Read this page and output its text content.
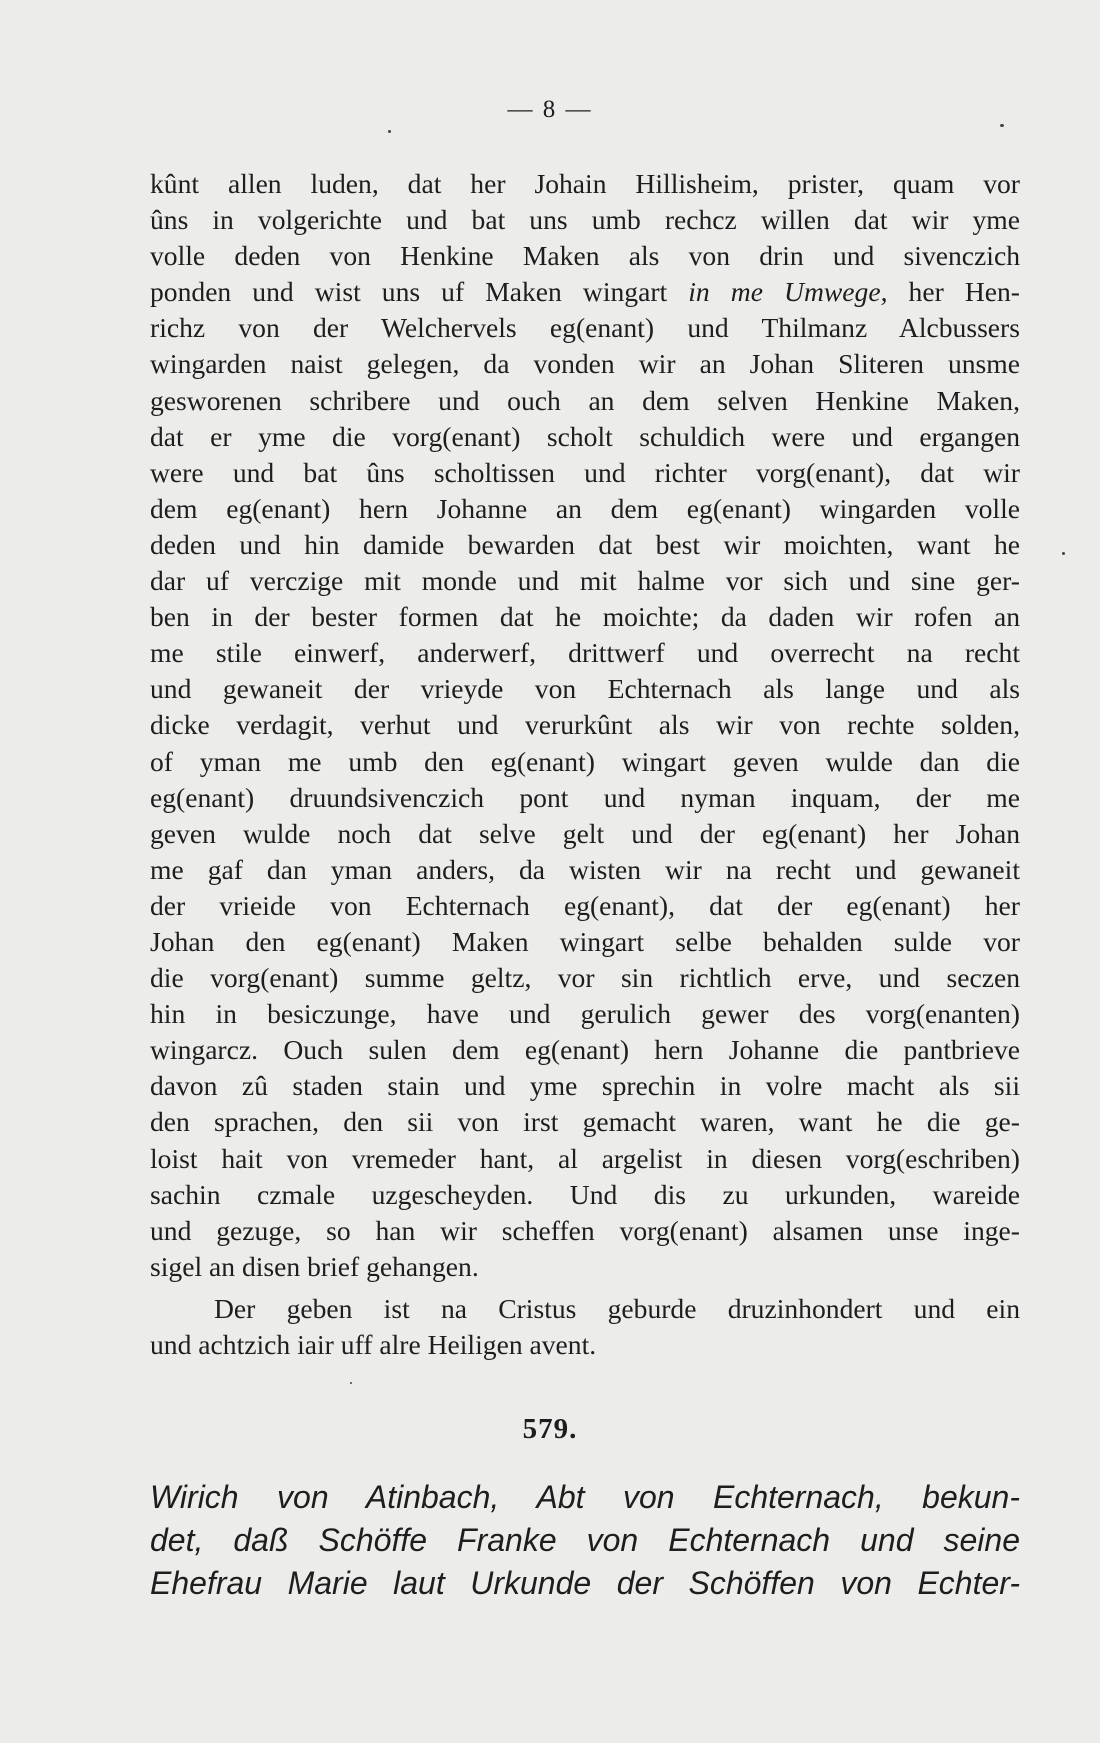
— 8 —
kûnt allen luden, dat her Johain Hillisheim, prister, quam vor
ûns in volgerichte und bat uns umb rechcz willen dat wir yme
volle deden von Henkine Maken als von drin und sivenczich
ponden und wist uns uf Maken wingart in me Umwege, her Hen-
richz von der Welchervels eg(enant) und Thilmanz Alcbussers
wingarden naist gelegen, da vonden wir an Johan Sliteren unsme
gesworenen schribere und ouch an dem selven Henkine Maken,
dat er yme die vorg(enant) scholt schuldich were und ergangen
were und bat ûns scholtissen und richter vorg(enant), dat wir
dem eg(enant) hern Johanne an dem eg(enant) wingarden volle
deden und hin damide bewarden dat best wir moichten, want he
dar uf verczige mit monde und mit halme vor sich und sine ger-
ben in der bester formen dat he moichte; da daden wir rofen an
me stile einwerf, anderwerf, drittwerf und overrecht na recht
und gewaneit der vrieyde von Echternach als lange und als
dicke verdagit, verhut und verurkûnt als wir von rechte solden,
of yman me umb den eg(enant) wingart geven wulde dan die
eg(enant) druundsivenczich pont und nyman inquam, der me
geven wulde noch dat selve gelt und der eg(enant) her Johan
me gaf dan yman anders, da wisten wir na recht und gewaneit
der vrieide von Echternach eg(enant), dat der eg(enant) her
Johan den eg(enant) Maken wingart selbe behalden sulde vor
die vorg(enant) summe geltz, vor sin richtlich erve, und seczen
hin in besiczunge, have und gerulich gewer des vorg(enanten)
wingarcz. Ouch sulen dem eg(enant) hern Johanne die pantbrieve
davon zû staden stain und yme sprechin in volre macht als sii
den sprachen, den sii von irst gemacht waren, want he die ge-
loist hait von vremeder hant, al argelist in diesen vorg(eschriben)
sachin czmale uzgescheyden. Und dis zu urkunden, wareide
und gezuge, so han wir scheffen vorg(enant) alsamen unse inge-
sigel an disen brief gehangen.
Der geben ist na Cristus geburde druzinhondert und ein
und achtzich iair uff alre Heiligen avent.
579.
Wirich von Atinbach, Abt von Echternach, bekun-
det, daß Schöffe Franke von Echternach und seine
Ehefrau Marie laut Urkunde der Schöffen von Echter-
